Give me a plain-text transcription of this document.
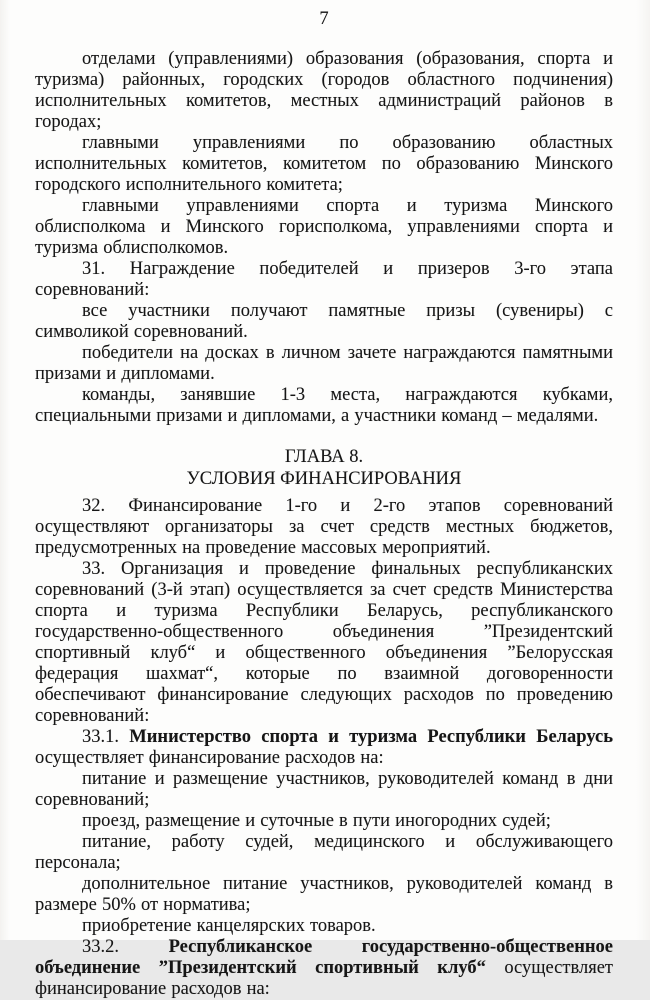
7

отделами (управлениями) образования (образования, спорта и туризма) районных, городских (городов областного подчинения) исполнительных комитетов, местных администраций районов в городах;

главными управлениями по образованию областных исполнительных комитетов, комитетом по образованию Минского городского исполнительного комитета;

главными управлениями спорта и туризма Минского облисполкома и Минского горисполкома, управлениями спорта и туризма облисполкомов.

31. Награждение победителей и призеров 3-го этапа соревнований:

все участники получают памятные призы (сувениры) с символикой соревнований.

победители на досках в личном зачете награждаются памятными призами и дипломами.

команды, занявшие 1-3 места, награждаются кубками, специальными призами и дипломами, а участники команд – медалями.

ГЛАВА 8.
УСЛОВИЯ ФИНАНСИРОВАНИЯ

32. Финансирование 1-го и 2-го этапов соревнований осуществляют организаторы за счет средств местных бюджетов, предусмотренных на проведение массовых мероприятий.

33. Организация и проведение финальных республиканских соревнований (3-й этап) осуществляется за счет средств Министерства спорта и туризма Республики Беларусь, республиканского государственно-общественного объединения ”Президентский спортивный клуб“ и общественного объединения ”Белорусская федерация шахмат“, которые по взаимной договоренности обеспечивают финансирование следующих расходов по проведению соревнований:

33.1. Министерство спорта и туризма Республики Беларусь осуществляет финансирование расходов на:

питание и размещение участников, руководителей команд в дни соревнований;

проезд, размещение и суточные в пути иногородних судей;

питание, работу судей, медицинского и обслуживающего персонала;

дополнительное питание участников, руководителей команд в размере 50% от норматива;

приобретение канцелярских товаров.

33.2.	Республиканское государственно-общественное объединение ”Президентский спортивный клуб“ осуществляет финансирование расходов на:
